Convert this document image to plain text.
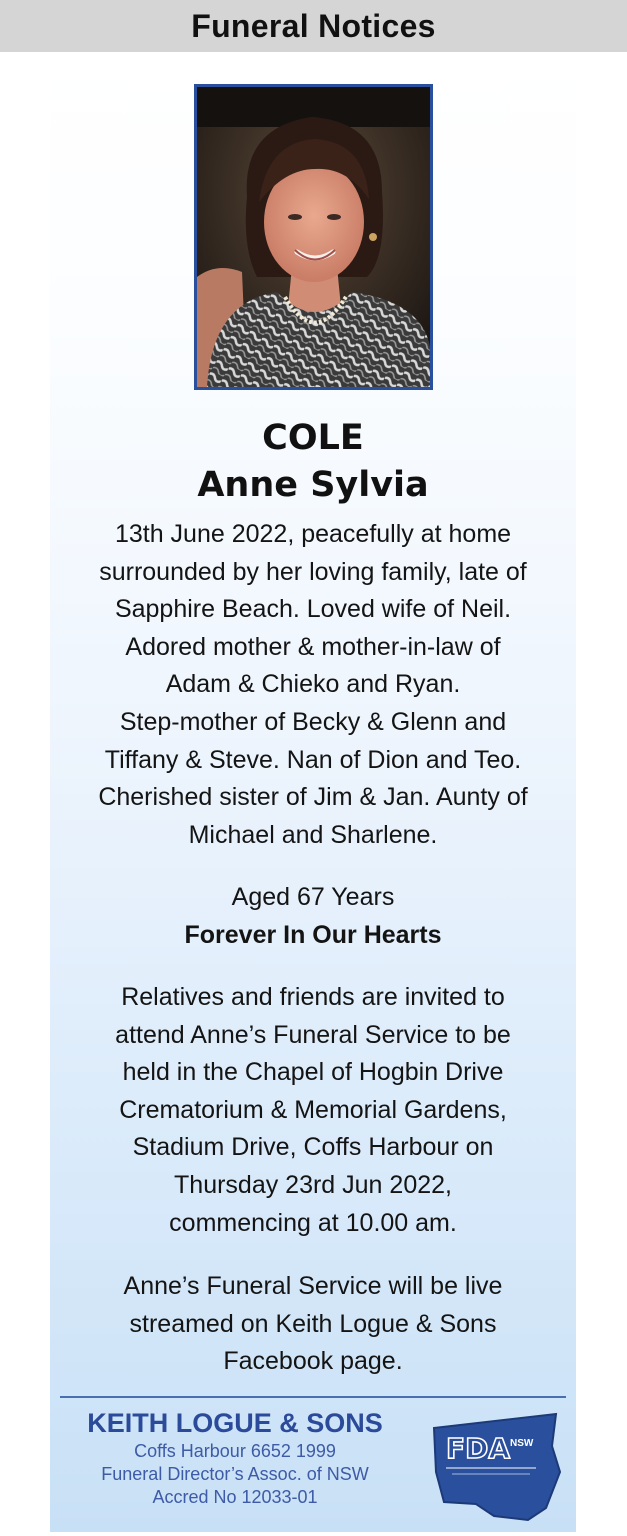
Funeral Notices
COLE
Anne Sylvia
13th June 2022, peacefully at home
surrounded by her loving family, late of
Sapphire Beach. Loved wife of Neil.
Adored mother & mother-in-law of
Adam & Chieko and Ryan.
Step-mother of Becky & Glenn and
Tiffany & Steve. Nan of Dion and Teo.
Cherished sister of Jim & Jan. Aunty of
Michael and Sharlene.
Aged 67 Years
Forever In Our Hearts
Relatives and friends are invited to
attend Anne’s Funeral Service to be
held in the Chapel of Hogbin Drive
Crematorium & Memorial Gardens,
Stadium Drive, Coffs Harbour on
Thursday 23rd Jun 2022,
commencing at 10.00 am.
Anne’s Funeral Service will be live
streamed on Keith Logue & Sons
Facebook page.
KEITH LOGUE & SONS
Coffs Harbour 6652 1999
Funeral Director’s Assoc. of NSW
Accred No 12033-01
FDA NSW
